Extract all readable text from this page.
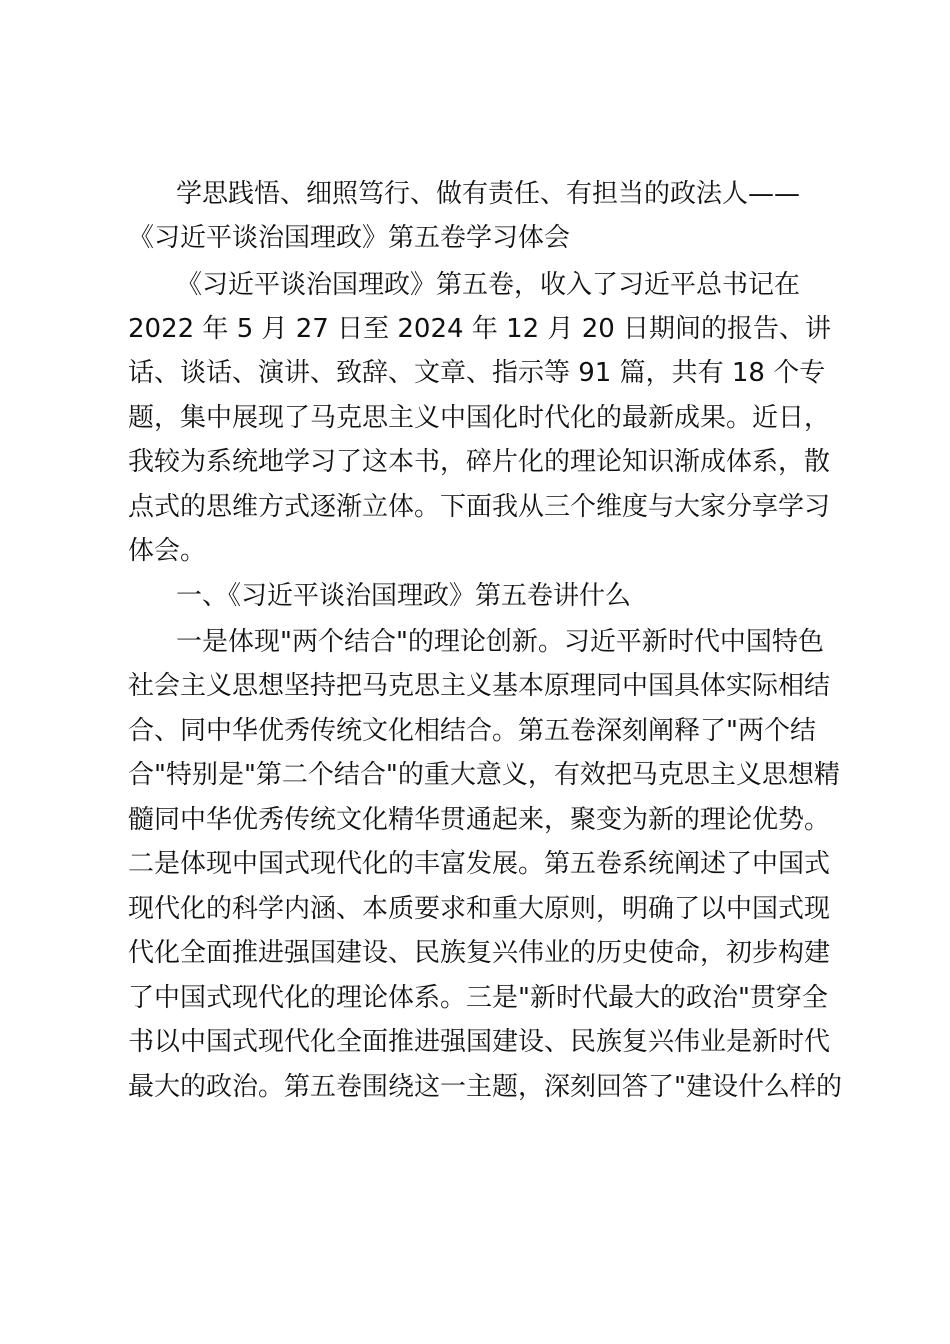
学思践悟、细照笃行、做有责任、有担当的政法人——
《习近平谈治国理政》第五卷学习体会
《习近平谈治国理政》第五卷，收入了习近平总书记在
2022 年 5 月 27 日至 2024 年 12 月 20 日期间的报告、讲
话、谈话、演讲、致辞、文章、指示等 91 篇，共有 18 个专
题，集中展现了马克思主义中国化时代化的最新成果。近日，
我较为系统地学习了这本书，碎片化的理论知识渐成体系，散
点式的思维方式逐渐立体。下面我从三个维度与大家分享学习
体会。
一、《习近平谈治国理政》第五卷讲什么
一是体现"两个结合"的理论创新。习近平新时代中国特色
社会主义思想坚持把马克思主义基本原理同中国具体实际相结
合、同中华优秀传统文化相结合。第五卷深刻阐释了"两个结
合"特别是"第二个结合"的重大意义，有效把马克思主义思想精
髓同中华优秀传统文化精华贯通起来，聚变为新的理论优势。
二是体现中国式现代化的丰富发展。第五卷系统阐述了中国式
现代化的科学内涵、本质要求和重大原则，明确了以中国式现
代化全面推进强国建设、民族复兴伟业的历史使命，初步构建
了中国式现代化的理论体系。三是"新时代最大的政治"贯穿全
书以中国式现代化全面推进强国建设、民族复兴伟业是新时代
最大的政治。第五卷围绕这一主题，深刻回答了"建设什么样的
